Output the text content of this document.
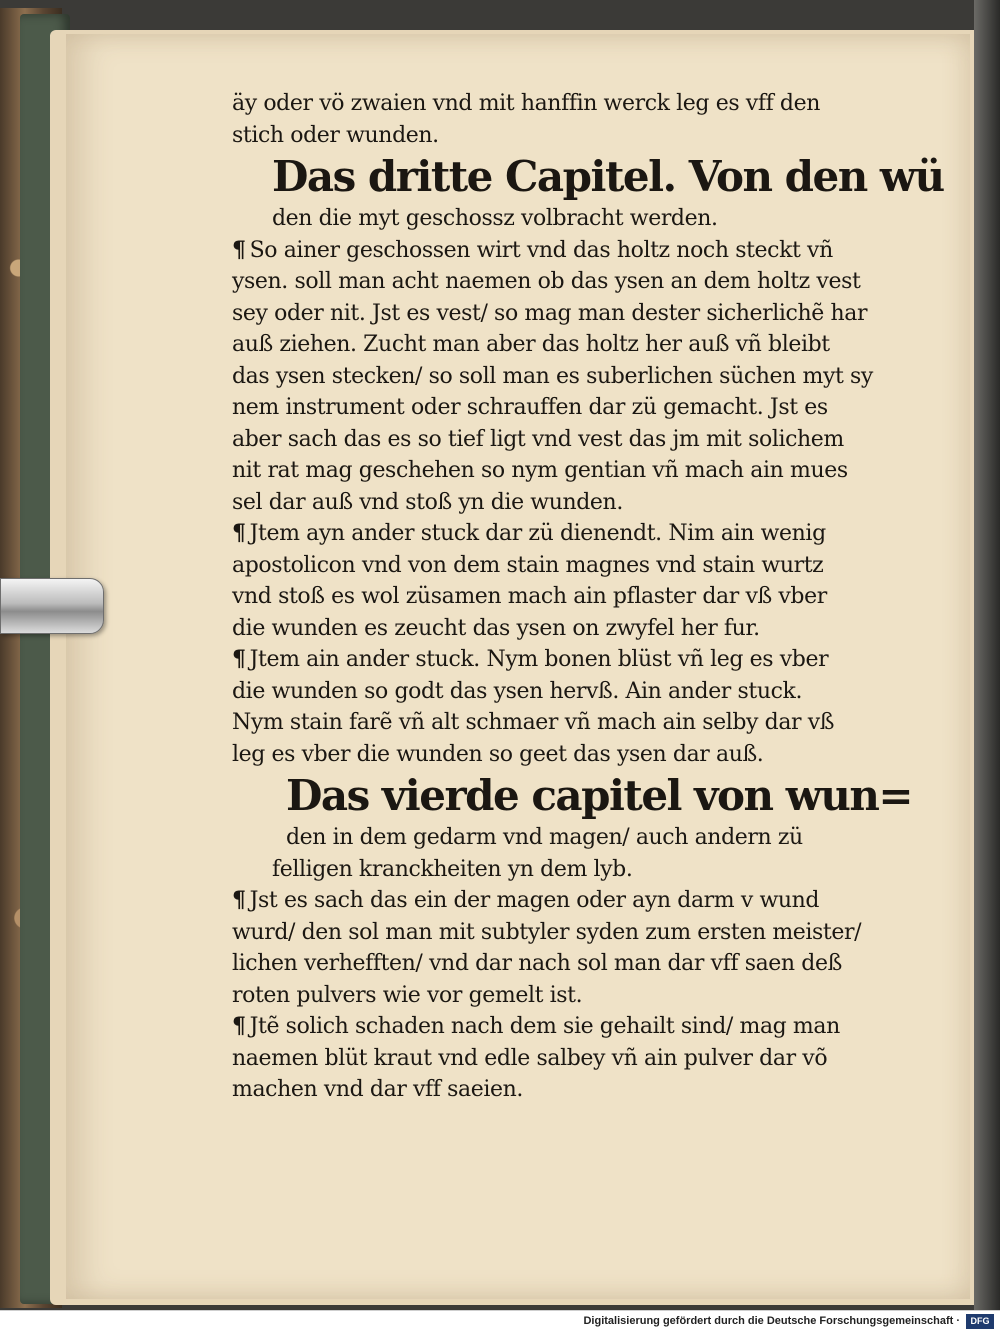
äy oder vö zwaien vnd mit hanffin werck leg es vff den
stich oder wunden.
Das dritte Capitel. Von den wü
den die myt geschossz volbracht werden.
¶ So ainer geschossen wirt vnd das holtz noch steckt vñ
ysen. soll man acht naemen ob das ysen an dem holtz vest
sey oder nit. Jst es vest/ so mag man dester sicherlichẽ har
auß ziehen. Zucht man aber das holtz her auß vñ bleibt
das ysen stecken/ so soll man es suberlichen süchen myt sy
nem instrument oder schrauffen dar zü gemacht. Jst es
aber sach das es so tief ligt vnd vest das jm mit solichem
nit rat mag geschehen so nym gentian vñ mach ain mues
sel dar auß vnd stoß yn die wunden.
¶ Jtem ayn ander stuck dar zü dienendt. Nim ain wenig
apostolicon vnd von dem stain magnes vnd stain wurtz
vnd stoß es wol züsamen mach ain pflaster dar vß vber
die wunden es zeucht das ysen on zwyfel her fur.
¶ Jtem ain ander stuck. Nym bonen blüst vñ leg es vber
die wunden so godt das ysen hervß. Ain ander stuck.
Nym stain farẽ vñ alt schmaer vñ mach ain selby dar vß
leg es vber die wunden so geet das ysen dar auß.
Das vierde capitel von wun=
den in dem gedarm vnd magen/ auch andern zü
felligen kranckheiten yn dem lyb.
¶ Jst es sach das ein der magen oder ayn darm v wund
wurd/ den sol man mit subtyler syden zum ersten meister/
lichen verhefften/ vnd dar nach sol man dar vff saen deß
roten pulvers wie vor gemelt ist.
¶ Jtẽ solich schaden nach dem sie gehailt sind/ mag man
naemen blüt kraut vnd edle salbey vñ ain pulver dar võ
machen vnd dar vff saeien.
Digitalisierung gefördert durch die Deutsche Forschungsgemeinschaft ·	DFG
